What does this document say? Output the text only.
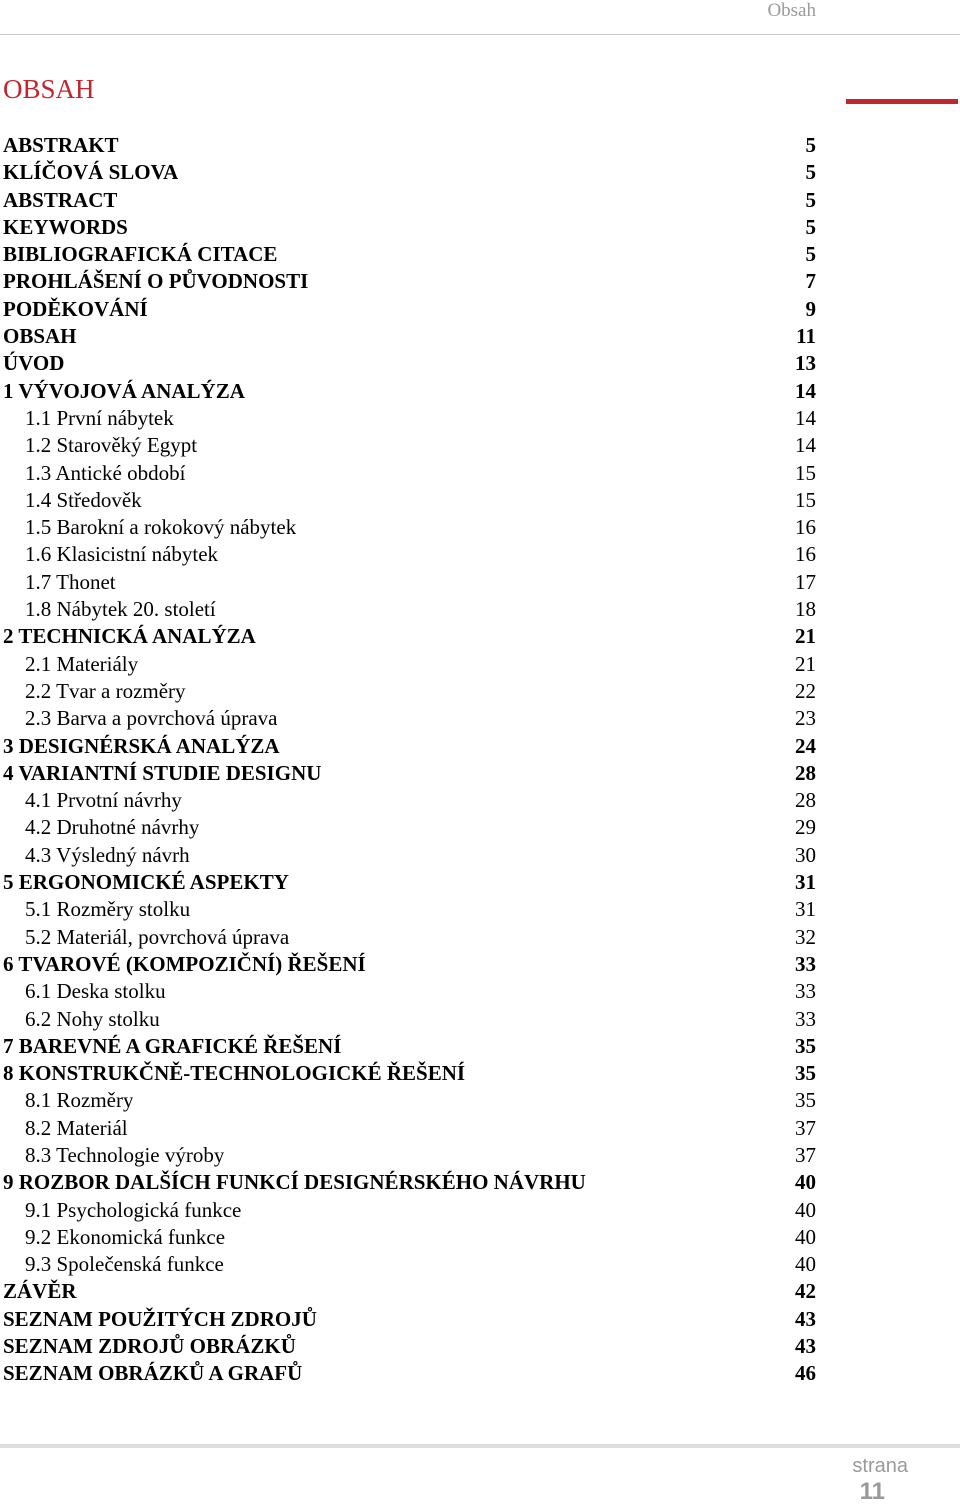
Obsah
OBSAH
ABSTRAKT	5
KLÍČOVÁ SLOVA	5
ABSTRACT	5
KEYWORDS	5
BIBLIOGRAFICKÁ CITACE	5
PROHLÁŠENÍ O PŮVODNOSTI	7
PODĚKOVÁNÍ	9
OBSAH	11
ÚVOD	13
1 VÝVOJOVÁ ANALÝZA	14
1.1 První nábytek	14
1.2 Starověký Egypt	14
1.3 Antické období	15
1.4 Středověk	15
1.5 Barokní a rokokový nábytek	16
1.6 Klasicistní nábytek	16
1.7 Thonet	17
1.8 Nábytek 20. století	18
2 TECHNICKÁ ANALÝZA	21
2.1 Materiály	21
2.2 Tvar a rozměry	22
2.3 Barva a povrchová úprava	23
3 DESIGNÉRSKÁ ANALÝZA	24
4 VARIANTNÍ STUDIE DESIGNU	28
4.1 Prvotní návrhy	28
4.2 Druhotné návrhy	29
4.3 Výsledný návrh	30
5 ERGONOMICKÉ ASPEKTY	31
5.1 Rozměry stolku	31
5.2 Materiál, povrchová úprava	32
6 TVAROVÉ (KOMPOZIČNÍ) ŘEŠENÍ	33
6.1 Deska stolku	33
6.2 Nohy stolku	33
7 BAREVNÉ A GRAFICKÉ ŘEŠENÍ	35
8 KONSTRUKČNĚ-TECHNOLOGICKÉ ŘEŠENÍ	35
8.1 Rozměry	35
8.2 Materiál	37
8.3 Technologie výroby	37
9 ROZBOR DALŠÍCH FUNKCÍ DESIGNÉRSKÉHO NÁVRHU	40
9.1 Psychologická funkce	40
9.2 Ekonomická funkce	40
9.3 Společenská funkce	40
ZÁVĚR	42
SEZNAM POUŽITÝCH ZDROJŮ	43
SEZNAM ZDROJŮ OBRÁZKŮ	43
SEZNAM OBRÁZKŮ A GRAFŮ	46
strana
11
